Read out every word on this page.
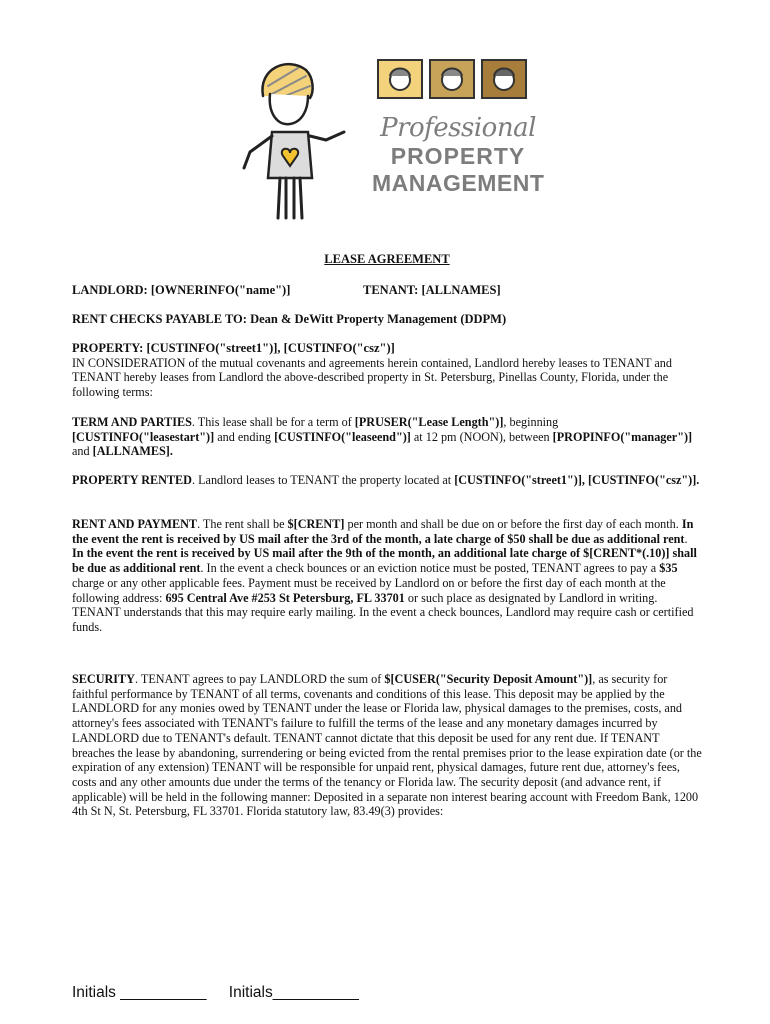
Professional
PROPERTY
MANAGEMENT
LEASE AGREEMENT
LANDLORD: [OWNERINFO("name")]	TENANT: [ALLNAMES]
RENT CHECKS PAYABLE TO: Dean & DeWitt Property Management (DDPM)

PROPERTY: [CUSTINFO("street1")], [CUSTINFO("csz")]

IN CONSIDERATION of the mutual covenants and agreements herein contained, Landlord hereby leases to TENANT and TENANT hereby leases from Landlord the above-described property in St. Petersburg, Pinellas County, Florida, under the following terms:

TERM AND PARTIES. This lease shall be for a term of [PRUSER("Lease Length")], beginning [CUSTINFO("leasestart")] and ending [CUSTINFO("leaseend")] at 12 pm (NOON), between [PROPINFO("manager")] and [ALLNAMES].

PROPERTY RENTED. Landlord leases to TENANT the property located at [CUSTINFO("street1")], [CUSTINFO("csz")].

RENT AND PAYMENT. The rent shall be $[CRENT] per month and shall be due on or before the first day of each month. In the event the rent is received by US mail after the 3rd of the month, a late charge of $50 shall be due as additional rent. In the event the rent is received by US mail after the 9th of the month, an additional late charge of $[CRENT*(.10)] shall be due as additional rent. In the event a check bounces or an eviction notice must be posted, TENANT agrees to pay a $35 charge or any other applicable fees. Payment must be received by Landlord on or before the first day of each month at the following address: 695 Central Ave #253 St Petersburg, FL 33701 or such place as designated by Landlord in writing. TENANT understands that this may require early mailing. In the event a check bounces, Landlord may require cash or certified funds.

SECURITY. TENANT agrees to pay LANDLORD the sum of $[CUSER("Security Deposit Amount")], as security for faithful performance by TENANT of all terms, covenants and conditions of this lease. This deposit may be applied by the LANDLORD for any monies owed by TENANT under the lease or Florida law, physical damages to the premises, costs, and attorney's fees associated with TENANT's failure to fulfill the terms of the lease and any monetary damages incurred by LANDLORD due to TENANT's default. TENANT cannot dictate that this deposit be used for any rent due. If TENANT breaches the lease by abandoning, surrendering or being evicted from the rental premises prior to the lease expiration date (or the expiration of any extension) TENANT will be responsible for unpaid rent, physical damages, future rent due, attorney's fees, costs and any other amounts due under the terms of the tenancy or Florida law. The security deposit (and advance rent, if applicable) will be held in the following manner: Deposited in a separate non interest bearing account with Freedom Bank, 1200 4th St N, St. Petersburg, FL 33701. Florida statutory law, 83.49(3) provides:

Initials __________ Initials__________
